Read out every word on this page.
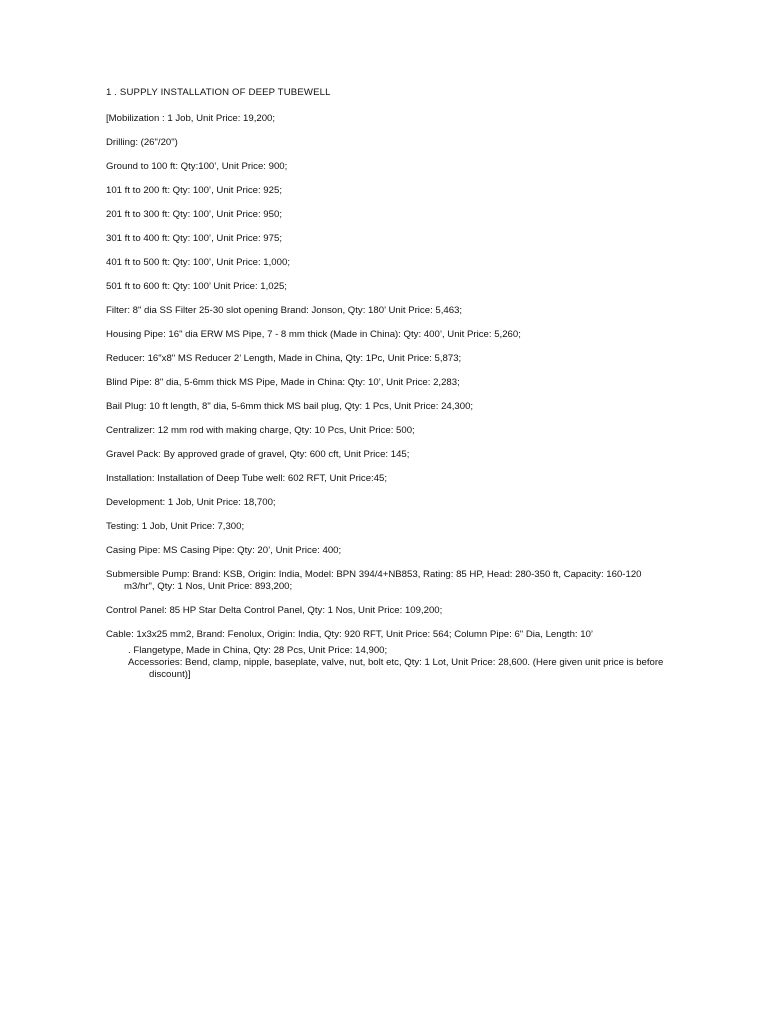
1 . SUPPLY INSTALLATION OF DEEP TUBEWELL

[Mobilization : 1 Job, Unit Price: 19,200;

Drilling: (26"/20")

Ground to 100 ft: Qty:100’, Unit Price: 900;

101 ft to 200 ft: Qty: 100’, Unit Price: 925;

201 ft to 300 ft: Qty: 100’, Unit Price: 950;

301 ft to 400 ft: Qty: 100’, Unit Price: 975;

401 ft to 500 ft: Qty: 100’, Unit Price: 1,000;

501 ft to 600 ft: Qty: 100’ Unit Price: 1,025;

Filter: 8" dia SS Filter 25-30 slot opening Brand: Jonson, Qty: 180’ Unit Price: 5,463;

Housing Pipe: 16" dia ERW MS Pipe, 7 - 8 mm thick (Made in China): Qty: 400’, Unit Price: 5,260;

Reducer: 16"x8" MS Reducer 2’ Length, Made in China, Qty: 1Pc, Unit Price: 5,873;

Blind Pipe: 8" dia, 5-6mm thick MS Pipe, Made in China: Qty: 10’, Unit Price: 2,283;

Bail Plug: 10 ft length, 8" dia, 5-6mm thick MS bail plug, Qty: 1 Pcs, Unit Price: 24,300;

Centralizer: 12 mm rod with making charge, Qty: 10 Pcs, Unit Price: 500;

Gravel Pack: By approved grade of gravel, Qty: 600 cft, Unit Price: 145;

Installation: Installation of Deep Tube well: 602 RFT, Unit Price:45;

Development: 1 Job, Unit Price: 18,700;

Testing: 1 Job, Unit Price: 7,300;

Casing Pipe: MS Casing Pipe: Qty: 20’, Unit Price: 400;

Submersible Pump: Brand: KSB, Origin: India, Model: BPN 394/4+NB853, Rating: 85 HP, Head: 280-350 ft, Capacity: 160-120 m3/hr", Qty: 1 Nos, Unit Price: 893,200;

Control Panel: 85 HP Star Delta Control Panel, Qty: 1 Nos, Unit Price: 109,200;

Cable: 1x3x25 mm2, Brand: Fenolux, Origin: India, Qty: 920 RFT, Unit Price: 564; Column Pipe: 6" Dia, Length: 10’

. Flangetype, Made in China, Qty: 28 Pcs, Unit Price: 14,900;

Accessories: Bend, clamp, nipple, baseplate, valve, nut, bolt etc, Qty: 1 Lot, Unit Price: 28,600. (Here given unit price is before discount)]
